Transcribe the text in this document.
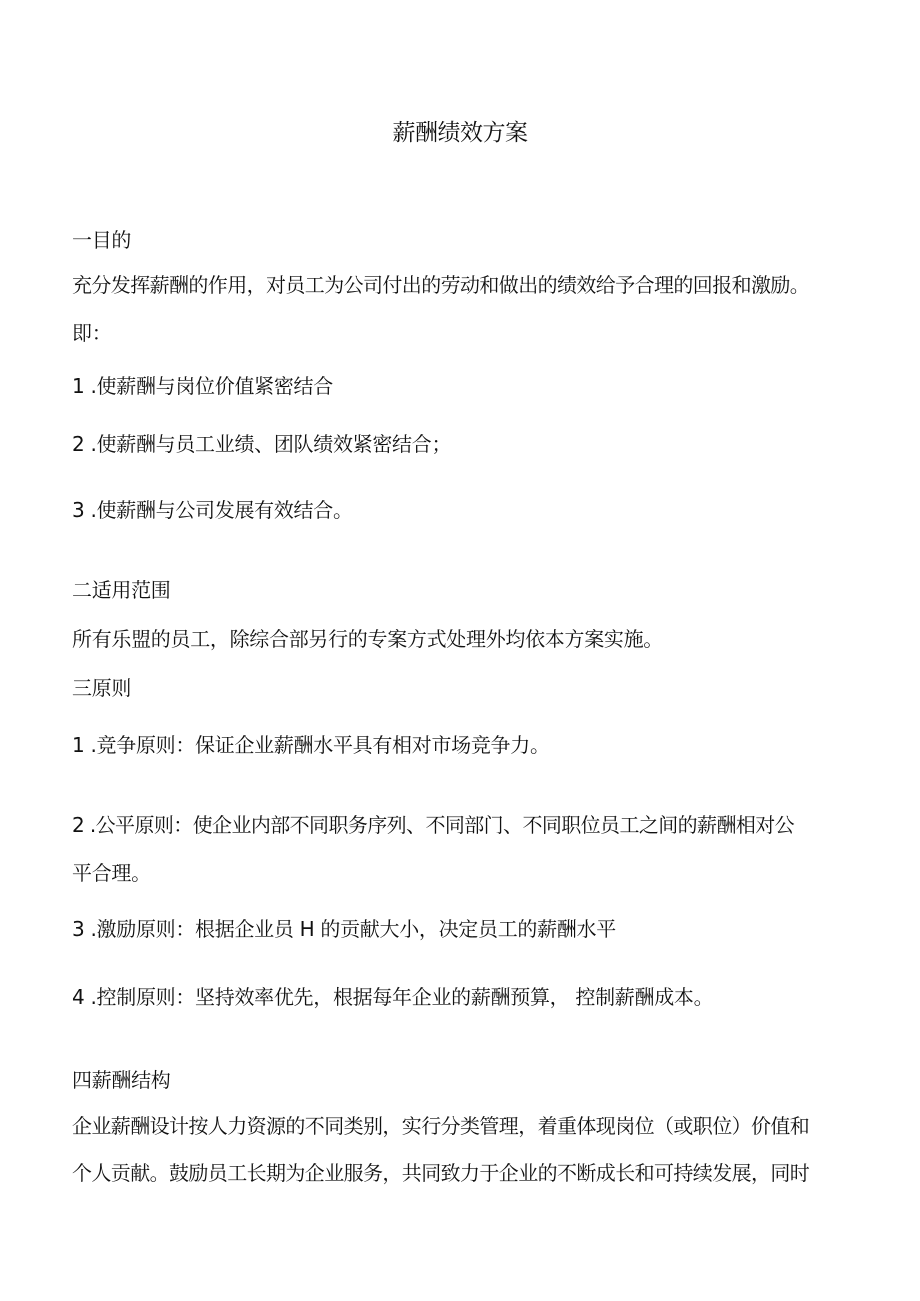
薪酬绩效方案
一目的
充分发挥薪酬的作用，对员工为公司付出的劳动和做出的绩效给予合理的回报和激励。
即：
1 .使薪酬与岗位价值紧密结合
2 .使薪酬与员工业绩、团队绩效紧密结合；
3 .使薪酬与公司发展有效结合。
二适用范围
所有乐盟的员工，除综合部另行的专案方式处理外均依本方案实施。
三原则
1 .竞争原则：保证企业薪酬水平具有相对市场竞争力。
2 .公平原则：使企业内部不同职务序列、不同部门、不同职位员工之间的薪酬相对公
平合理。
3 .激励原则：根据企业员 H 的贡献大小，决定员工的薪酬水平
4 .控制原则：坚持效率优先，根据每年企业的薪酬预算， 控制薪酬成本。
四薪酬结构
企业薪酬设计按人力资源的不同类别，实行分类管理，着重体现岗位（或职位）价值和
个人贡献。鼓励员工长期为企业服务，共同致力于企业的不断成长和可持续发展，同时
